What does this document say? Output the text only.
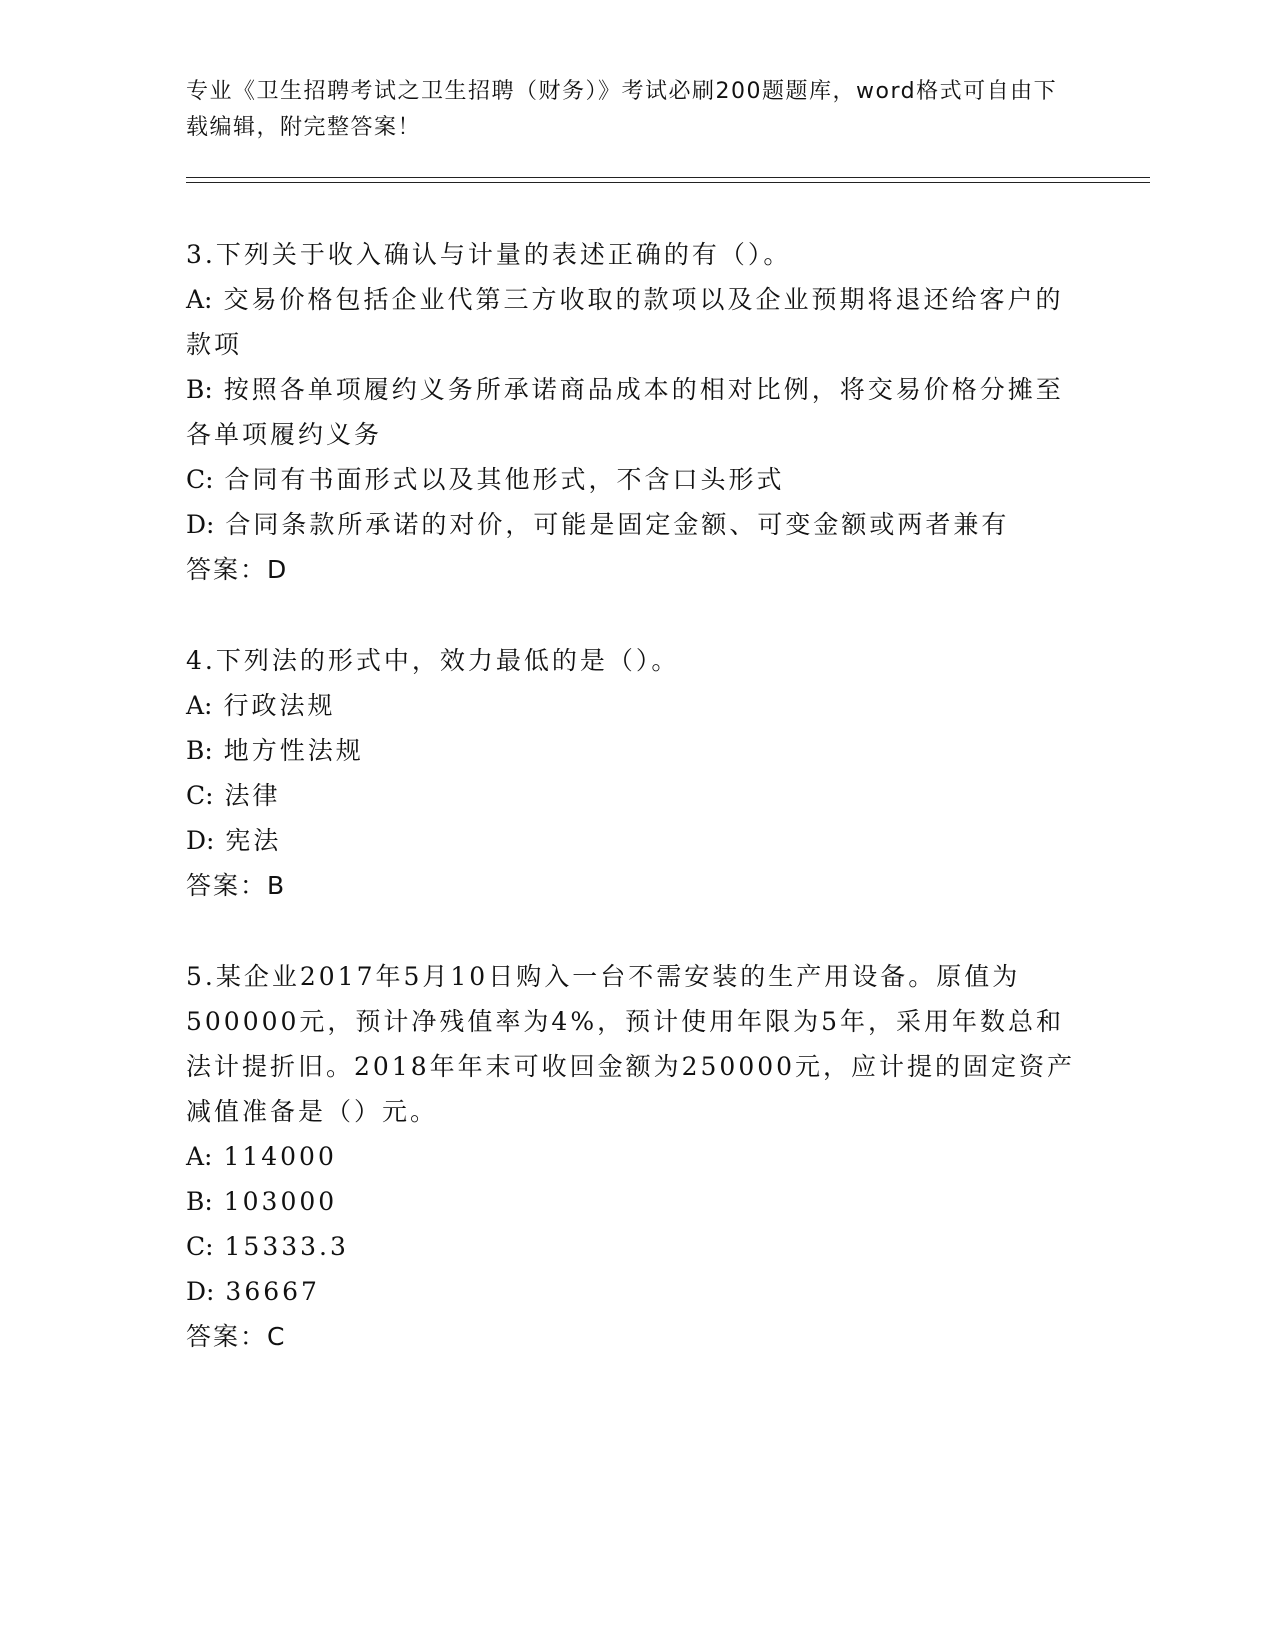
专业《卫生招聘考试之卫生招聘（财务）》考试必刷200题题库，word格式可自由下载编辑，附完整答案！
3.下列关于收入确认与计量的表述正确的有（）。
A: 交易价格包括企业代第三方收取的款项以及企业预期将退还给客户的款项
B: 按照各单项履约义务所承诺商品成本的相对比例，将交易价格分摊至各单项履约义务
C: 合同有书面形式以及其他形式，不含口头形式
D: 合同条款所承诺的对价，可能是固定金额、可变金额或两者兼有
答案：D
4.下列法的形式中，效力最低的是（）。
A: 行政法规
B: 地方性法规
C: 法律
D: 宪法
答案：B
5.某企业2017年5月10日购入一台不需安装的生产用设备。原值为500000元，预计净残值率为4%，预计使用年限为5年，采用年数总和法计提折旧。2018年年末可收回金额为250000元，应计提的固定资产减值准备是（）元。
A: 114000
B: 103000
C: 15333.3
D: 36667
答案：C
